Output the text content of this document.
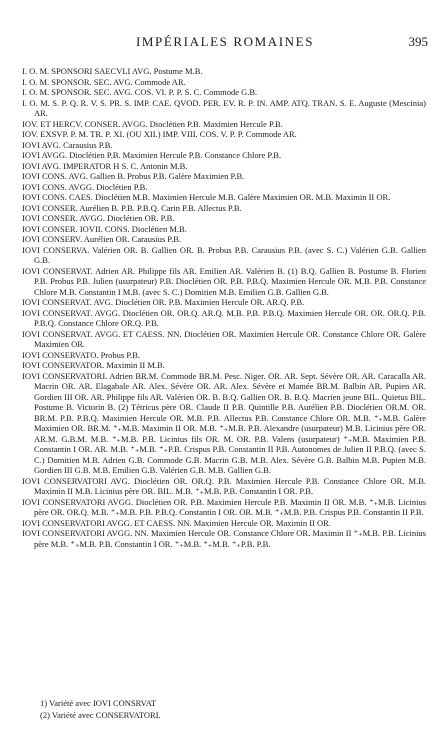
IMPÉRIALES ROMAINES	395

I. O. M. SPONSORI SAECVLI AVG. Postume M.B.

I. O. M. SPONSOR. SEC. AVG. Commode AR.

I. O. M. SPONSOR. SEC. AVG. COS. VI. P. P. S. C. Commode G.B.

I. O. M. S. P. Q. R. V. S. PR. S. IMP. CAE. QVOD. PER. EV. R. P. IN. AMP. ATQ. TRAN. S. E. Auguste (Mescinia) AR.

IOV. ET HERCV. CONSER. AVGG. Dioclétien P.B. Maximien Hercule P.B.

IOV. EXSVP. P. M. TR. P. XI. (OU XII.) IMP. VIII. COS. V. P. P. Commode AR.

IOVI AVG. Carausius P.B.

IOVI AVGG. Dioclétien P.B. Maximien Hercule P.B. Constance Chlore P.B.

IOVI AVG. IMPERATOR H S. C. Antonin M.B.

IOVI CONS. AVG. Gallien B. Probus P.B. Galère Maximien P.B.

IOVI CONS. AVGG. Dioclétien P.B.

IOVI CONS. CAES. Dioclétien M.B. Maximien Hercule M.B. Galère Maximien OR. M.B. Maximin II OR.

IOVI CONSER. Aurélien B. P.B. P.B.Q. Carin P.B. Allectus P.B.

IOVI CONSER. AVGG. Dioclétien OR. P.B.

IOVI CONSER. IOVII. CONS. Dioclétien M.B.

IOVI CONSERV. Aurélien OR. Carausius P.B.

IOVI CONSERVA. Valérien OR. B. Gallien OR. B. Probus P.B. Carausius P.B. (avec S. C.) Valérien G.B. Gallien G.B.

IOVI CONSERVAT. Adrien AR. Philippe fils AR. Emilien AR. Valérien B. (1) B.Q. Gallien B. Postume B. Florien P.B. Probus P.B. Julien (usurpateur) P.B. Dioclétien OR. P.B. P.B.Q. Maximien Hercule OR. M.B. P.B. Constance Chlore M.B. Constantin I M.B. (avec S. C.) Domitien M.B. Emilien G.B. Gallien G.B.

IOVI CONSERVAT. AVG. Dioclétien OR. P.B. Maximien Hercule OR. AR.Q. P.B.

IOVI CONSERVAT. AVGG. Dioclétien OR. OR.Q. AR.Q. M.B. P.B. P.B.Q. Maximien Hercule OR. OR. OR.Q. P.B. P.B.Q. Constance Chlore OR.Q. P.B.

IOVI CONSERVAT. AVGG. ET CAESS. NN. Dioclétien OR. Maximien Hercule OR. Constance Chlore OR. Galère Maximien OR.

IOVI CONSERVATO. Probus P.B.

IOVI CONSERVATOR. Maximin II M.B.

IOVI CONSERVATORI. Adrien BR.M. Commode BR.M. Pesc. Niger. OR. AR. Sept. Sévère OR. AR. Caracalla AR. Macrin OR. AR. Elagabale AR. Alex. Sévère OR. AR. Alex. Sévère et Mamée BR.M. Balbin AR. Pupien AR. Gordien III OR. AR. Philippe fils AR. Valérien OR. B. B.Q. Gallien OR. B. B.Q. Macrien jeune BIL. Quietus BIL. Postume B. Victorin B. (2) Tétricus père OR. Claude II P.B. Quintille P.B. Aurélien P.B. Dioclétien OR.M. OR. BR.M. P.B. P.B.Q. Maximien Hercule OR. M.B. P.B. Allectus P.B. Constance Chlore OR. M.B. ⁺₊M.B. Galère Maximien OR. BR.M. ⁺₊M.B. Maximin II OR. M.B. ⁺₊M.B. P.B. Alexandre (usurpateur) M.B. Licinius père OR. AR.M. G.B.M. M.B. ⁺₊M.B. P.B. Licinius fils OR. M. OR. P.B. Valens (usurpateur) ⁺₊M.B. Maximien P.B. Constantin I OR. AR. M.B. ⁺₊M.B. ⁺₊P.B. Crispus P.B. Constantin II P.B. Autonomes de Julien II P.B.Q. (avec S. C.) Domitien M.B. Adrien G.B. Commode G.B. Macrin G.B. M.B. Alex. Sévère G.B. Balbin M.B. Pupien M.B. Gordien III G.B. M.B. Emilien G.B. Valérien G.B. M.B. Gallien G.B.

IOVI CONSERVATORI AVG. Dioclétien OR. OR.Q. P.B. Maximien Hercule P.B. Constance Chlore OR. M.B. Maximin II M.B. Licinius père OR. BIL. M.B. ⁺₊M.B. P.B. Constantin I OR. P.B.

IOVI CONSERVATORI AVGG. Dioclétien OR. P.B. Maximien Hercule P.B. Maximin II OR. M.B. ⁺₊M.B. Licinius père OR. OR.Q. M.B. ⁺₊M.B. P.B. P.B.Q. Constantin I OR. OR. M.B. ⁺₊M.B. P.B. Crispus P.B. Constantin II P.B.

IOVI CONSERVATORI AVGG. ET CAESS. NN. Maximien Hercule OR. Maximin II OR.

IOVI CONSERVATORI AVGG. NN. Maximien Hercule OR. Constance Chlore OR. Maximin II ⁺₊M.B. P.B. Licinius père M.B. ⁺₊M.B. P.B. Constantin I OR. ⁺₊M.B. ⁺₊M.B. ⁺₊P.B. P.B.

1) Variété avec IOVI CONSRVAT

(2) Variété avec CONSERVATORI.
